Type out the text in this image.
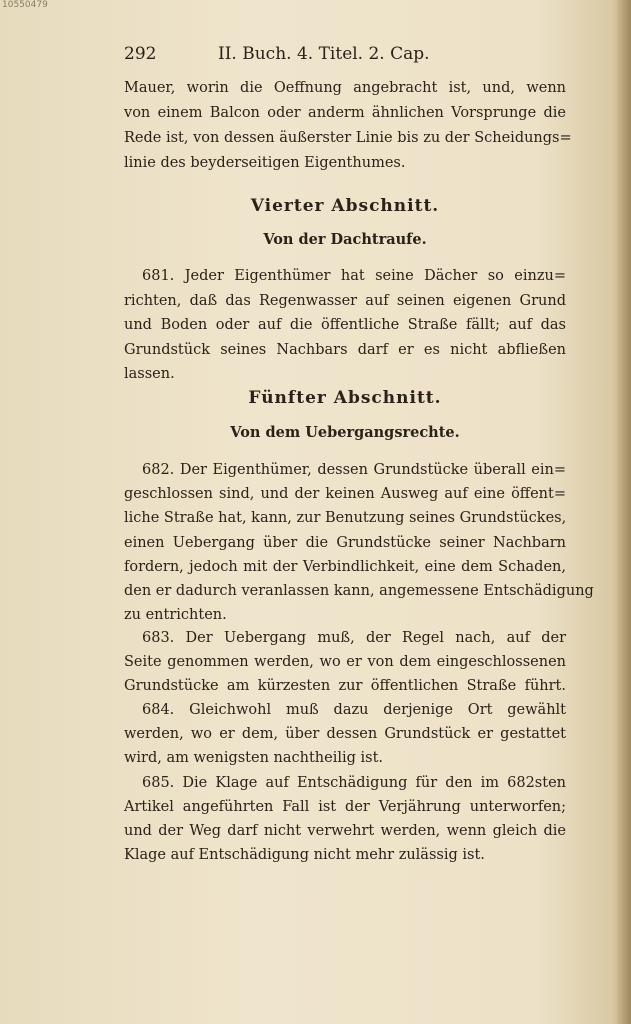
10550479
292	II. Buch. 4. Titel. 2. Cap.
Mauer, worin die Oeffnung angebracht ist, und, wenn
von einem Balcon oder anderm ähnlichen Vorsprunge die
Rede ist, von dessen äußerster Linie bis zu der Scheidungs=
linie des beyderseitigen Eigenthumes.
Vierter Abschnitt.
Von der Dachtraufe.
681. Jeder Eigenthümer hat seine Dächer so einzu=
richten, daß das Regenwasser auf seinen eigenen Grund
und Boden oder auf die öffentliche Straße fällt; auf das
Grundstück seines Nachbars darf er es nicht abfließen
lassen.
Fünfter Abschnitt.
Von dem Uebergangsrechte.
682. Der Eigenthümer, dessen Grundstücke überall ein=
geschlossen sind, und der keinen Ausweg auf eine öffent=
liche Straße hat, kann, zur Benutzung seines Grundstückes,
einen Uebergang über die Grundstücke seiner Nachbarn
fordern, jedoch mit der Verbindlichkeit, eine dem Schaden,
den er dadurch veranlassen kann, angemessene Entschädigung
zu entrichten.
683. Der Uebergang muß, der Regel nach, auf der
Seite genommen werden, wo er von dem eingeschlossenen
Grundstücke am kürzesten zur öffentlichen Straße führt.
684. Gleichwohl muß dazu derjenige Ort gewählt
werden, wo er dem, über dessen Grundstück er gestattet
wird, am wenigsten nachtheilig ist.
685. Die Klage auf Entschädigung für den im 682sten
Artikel angeführten Fall ist der Verjährung unterworfen;
und der Weg darf nicht verwehrt werden, wenn gleich die
Klage auf Entschädigung nicht mehr zulässig ist.
